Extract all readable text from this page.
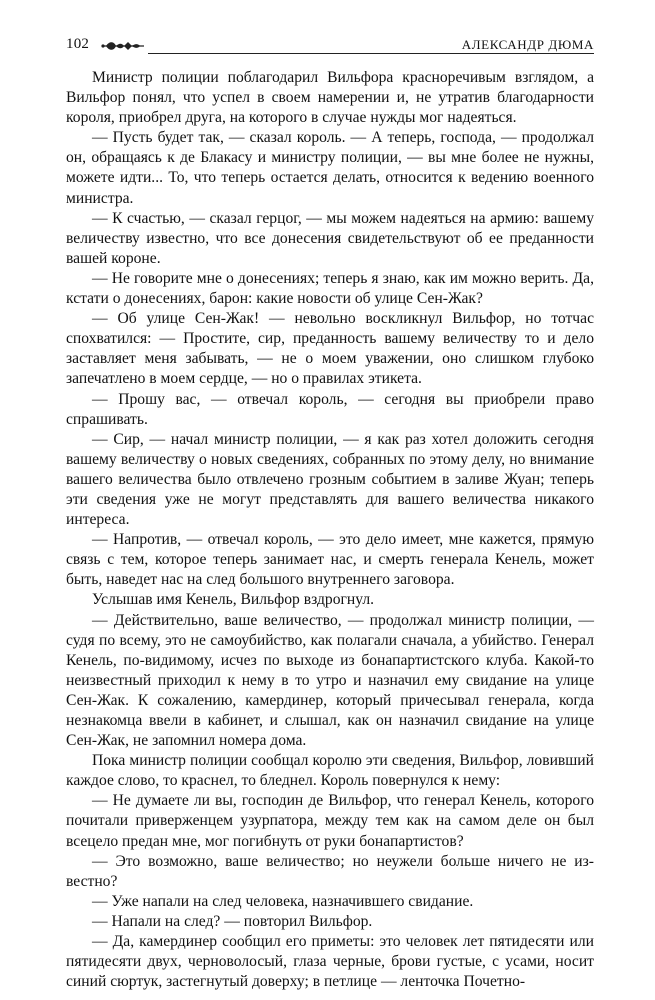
102	АЛЕКСАНДР ДЮМА

Министр полиции поблагодарил Вильфора красноречивым взглядом, а Вильфор понял, что успел в своем намерении и, не утратив благодарности короля, приобрел друга, на которого в случае нужды мог надеяться.

— Пусть будет так, — сказал король. — А теперь, господа, — продолжал он, обращаясь к де Блакасу и министру полиции, — вы мне более не нужны, можете идти... То, что теперь остается делать, относится к ведению военного министра.

— К счастью, — сказал герцог, — мы можем надеяться на армию: вашему величеству известно, что все донесения свидетельствуют об ее преданности вашей короне.

— Не говорите мне о донесениях; теперь я знаю, как им можно верить. Да, кстати о донесениях, барон: какие новости об улице Сен-Жак?

— Об улице Сен-Жак! — невольно воскликнул Вильфор, но тотчас спохватился: — Простите, сир, преданность вашему величеству то и дело заставляет меня забывать, — не о моем уважении, оно слишком глубоко запечатлено в моем сердце, — но о правилах этикета.

— Прошу вас, — отвечал король, — сегодня вы приобрели право спрашивать.

— Сир, — начал министр полиции, — я как раз хотел доложить сегодня вашему величеству о новых сведениях, собранных по этому делу, но внимание вашего величества было отвлечено грозным событием в заливе Жуан; теперь эти сведения уже не могут представлять для вашего величества никакого интереса.

— Напротив, — отвечал король, — это дело имеет, мне кажется, прямую связь с тем, которое теперь занимает нас, и смерть генерала Кенель, может быть, наведет нас на след большого внутреннего заговора.

Услышав имя Кенель, Вильфор вздрогнул.

— Действительно, ваше величество, — продолжал министр полиции, — судя по всему, это не самоубийство, как полагали сначала, а убийство. Генерал Кенель, по-видимому, исчез по выходе из бонапартистского клуба. Какой-то неизвестный приходил к нему в то утро и назначил ему свидание на улице Сен-Жак. К сожалению, камердинер, который причесывал генерала, когда незнакомца ввели в кабинет, и слышал, как он назначил свидание на улице Сен-Жак, не запомнил номера дома.

Пока министр полиции сообщал королю эти сведения, Вильфор, ловивший каждое слово, то краснел, то бледнел. Король повернулся к нему:

— Не думаете ли вы, господин де Вильфор, что генерал Кенель, которого почитали приверженцем узурпатора, между тем как на самом деле он был всецело предан мне, мог погибнуть от руки бонапартистов?

— Это возможно, ваше величество; но неужели больше ничего не известно?

— Уже напали на след человека, назначившего свидание.

— Напали на след? — повторил Вильфор.

— Да, камердинер сообщил его приметы: это человек лет пятидесяти или пятидесяти двух, черноволосый, глаза черные, брови густые, с усами, носит синий сюртук, застегнутый доверху; в петлице — ленточка Почетно-
